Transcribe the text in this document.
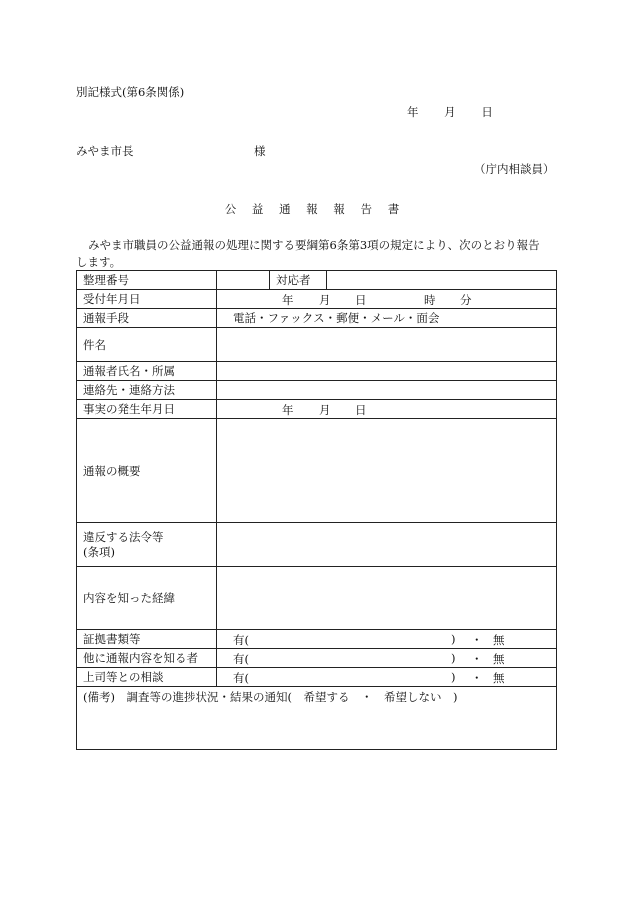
別記様式(第6条関係)
年 月 日
みやま市長	様
（庁内相談員）
公 益 通 報 報 告 書
みやま市職員の公益通報の処理に関する要綱第6条第3項の規定により、次のとおり報告
します。
整理番号	対応者

受付年月日	年 月 日 時 分

通報手段	電話・ファックス・郵便・メール・面会
件名	
通報者氏名・所属	
連絡先・連絡方法	
事実の発生年月日	年 月 日

通報の概要	

違反する法令等
(条項)	

内容を知った経緯	
証拠書類等	有( ) ・ 無

他に通報内容を知る者	有( ) ・ 無

上司等との相談	有( ) ・ 無

(備考)　調査等の進捗状況・結果の通知(　希望する　・　希望しない　)	
